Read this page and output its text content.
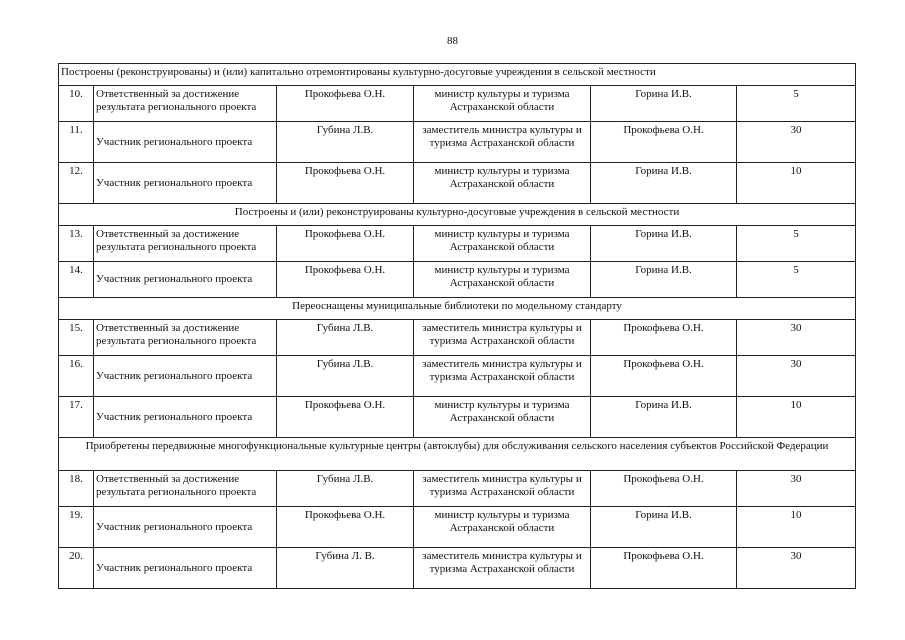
88
Построены (реконструированы) и (или) капитально отремонтированы культурно-досуговые учреждения в сельской местности					
10.	Ответственный за достижение результата регионального проекта	Прокофьева О.Н.	министр культуры и туризма Астраханской области	Горина И.В.	5
11.	Участник регионального проекта	Губина Л.В.	заместитель министра культуры и туризма Астраханской области	Прокофьева О.Н.	30
12.	Участник регионального проекта	Прокофьева О.Н.	министр культуры и туризма Астраханской области	Горина И.В.	10
Построены и (или) реконструированы культурно-досуговые учреждения в сельской местности					
13.	Ответственный за достижение результата регионального проекта	Прокофьева О.Н.	министр культуры и туризма Астраханской области	Горина И.В.	5
14.	Участник регионального проекта	Прокофьева О.Н.	министр культуры и туризма Астраханской области	Горина И.В.	5
Переоснащены муниципальные библиотеки по модельному стандарту					
15.	Ответственный за достижение результата регионального проекта	Губина Л.В.	заместитель министра культуры и туризма Астраханской области	Прокофьева О.Н.	30
16.	Участник регионального проекта	Губина Л.В.	заместитель министра культуры и туризма Астраханской области	Прокофьева О.Н.	30
17.	Участник регионального проекта	Прокофьева О.Н.	министр культуры и туризма Астраханской области	Горина И.В.	10
Приобретены передвижные многофункциональные культурные центры (автоклубы) для обслуживания сельского населения субъектов Российской Федерации					
18.	Ответственный за достижение результата регионального проекта	Губина Л.В.	заместитель министра культуры и туризма Астраханской области	Прокофьева О.Н.	30
19.	Участник регионального проекта	Прокофьева О.Н.	министр культуры и туризма Астраханской области	Горина И.В.	10
20.	Участник регионального проекта	Губина Л. В.	заместитель министра культуры и туризма Астраханской области	Прокофьева О.Н.	30
